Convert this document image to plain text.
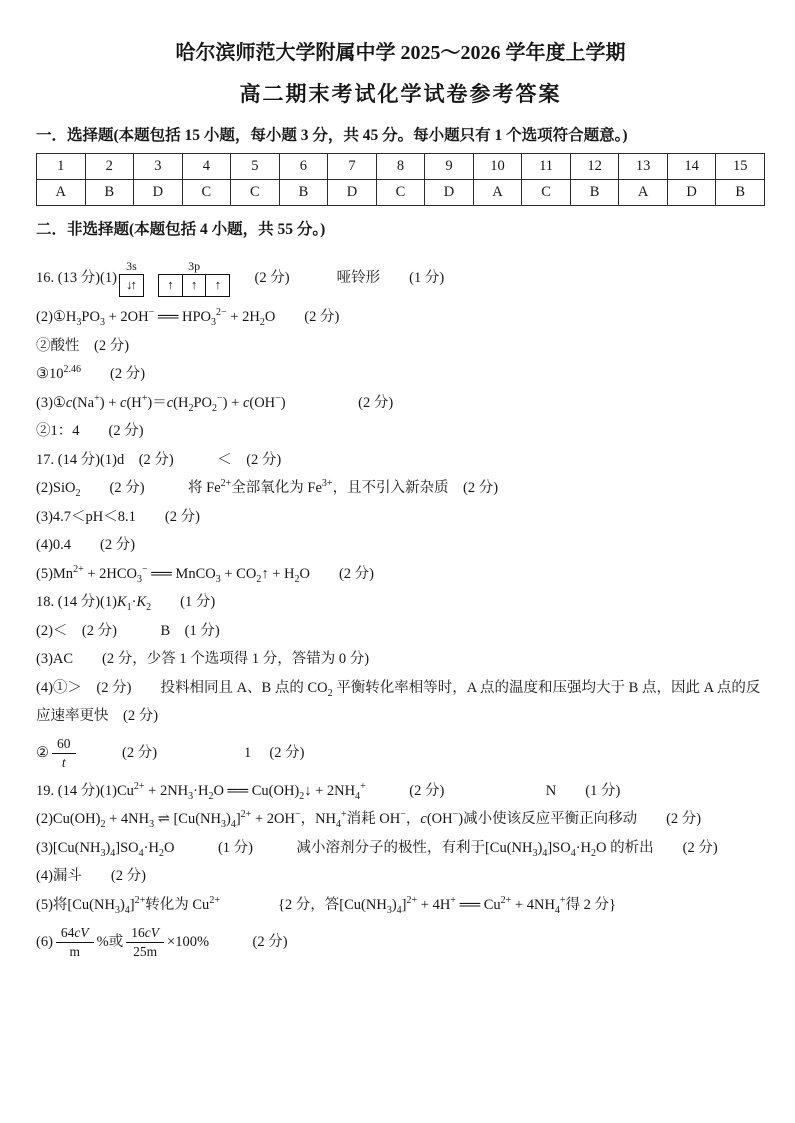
哈尔滨师范大学附属中学 2025～2026 学年度上学期
高二期末考试化学试卷参考答案
一．选择题(本题包括 15 小题，每小题 3 分，共 45 分。每小题只有 1 个选项符合题意。)
1	2	3	4	5	6	7	8	9	10	11	12	13	14	15
A	B	D	C	C	B	D	C	D	A	C	B	A	D	B
二．非选择题(本题包括 4 小题，共 55 分。)
16. (13 分)(1)
3s
↓↑
3p
↑	↑	↑	　 (2 分)　　　 哑铃形　　(1 分)
$(2)①H_3PO_3 + 2OH^-$ ══ $HPO_3^{2-} + 2H_2O$　　(2 分)
②酸性　(2 分)
$③10^{2.46}$　　(2 分)
(3)①c(Na+) + $c(H^+)=c(H_2PO_2^-) + c(OH^-)$　　　　　(2 分)
②1：4　　(2 分)
17. (14 分)(1)d　(2 分)　　　＜　(2 分)
(2)SiO$_2$　　(2 分)　　　将 $Fe^{2+}$全部氧化为 $Fe^{3+}$，且不引入新杂质　(2 分)
(3)4.7＜pH＜8.1　　(2 分)
(4)0.4　　(2 分)
$(5)Mn^{2+} + 2HCO_3^-$ ══ MnCO$_3$ + $CO_2↑ + H_2O$　　(2 分)
18. (14 分)$(1)K_1\cdot K_2$　　(1 分)
(2)＜　(2 分)　　　B　(1 分)
(3)AC　　(2 分，少答 1 个选项得 1 分，答错为 0 分)
(4)①＞　(2 分)　　投料相同且 A、B 点的 $CO_2$ 平衡转化率相等时，A 点的温度和压强均大于 B 点，因此 A 点的反应速率更快　(2 分)
② $\frac{60}{t}$ 　　　(2 分)　　　　　　1　 (2 分)
19. (14 分)$(1)Cu^{2+} + 2NH_3\cdot H_2O$ ══ $Cu(OH)_2↓ + 2NH_4^+$　　　(2 分)　　　　　　　N　　(1 分)
$(2)Cu(OH)_2 + 4NH_3$ ⇌ $[Cu(NH_3)_4]^{2+} + 2OH^-$，$NH_4^+$消耗 OH−，c(OH−)减小使该反应平衡正向移动　　(2 分)
$(3)[Cu(NH_3)_4]SO_4\cdot H_2O$　　　(1 分)　　　减小溶剂分子的极性，有利于$[Cu(NH_3)_4]SO_4\cdot H_2O$ 的析出　　(2 分)
(4)漏斗　　(2 分)
(5)将$[Cu(NH_3)_4]^{2+}$转化为 $Cu^{2+}$　　　　{2 分，答$[Cu(NH_3)_4]^{2+} + 4H^+$ ══ $Cu^{2+} + 4NH_4^+$得 2 分}
$(6) \frac{64cV}{m}$ %或 $\frac{16cV}{25m} \times 100\%$　　　(2 分)
